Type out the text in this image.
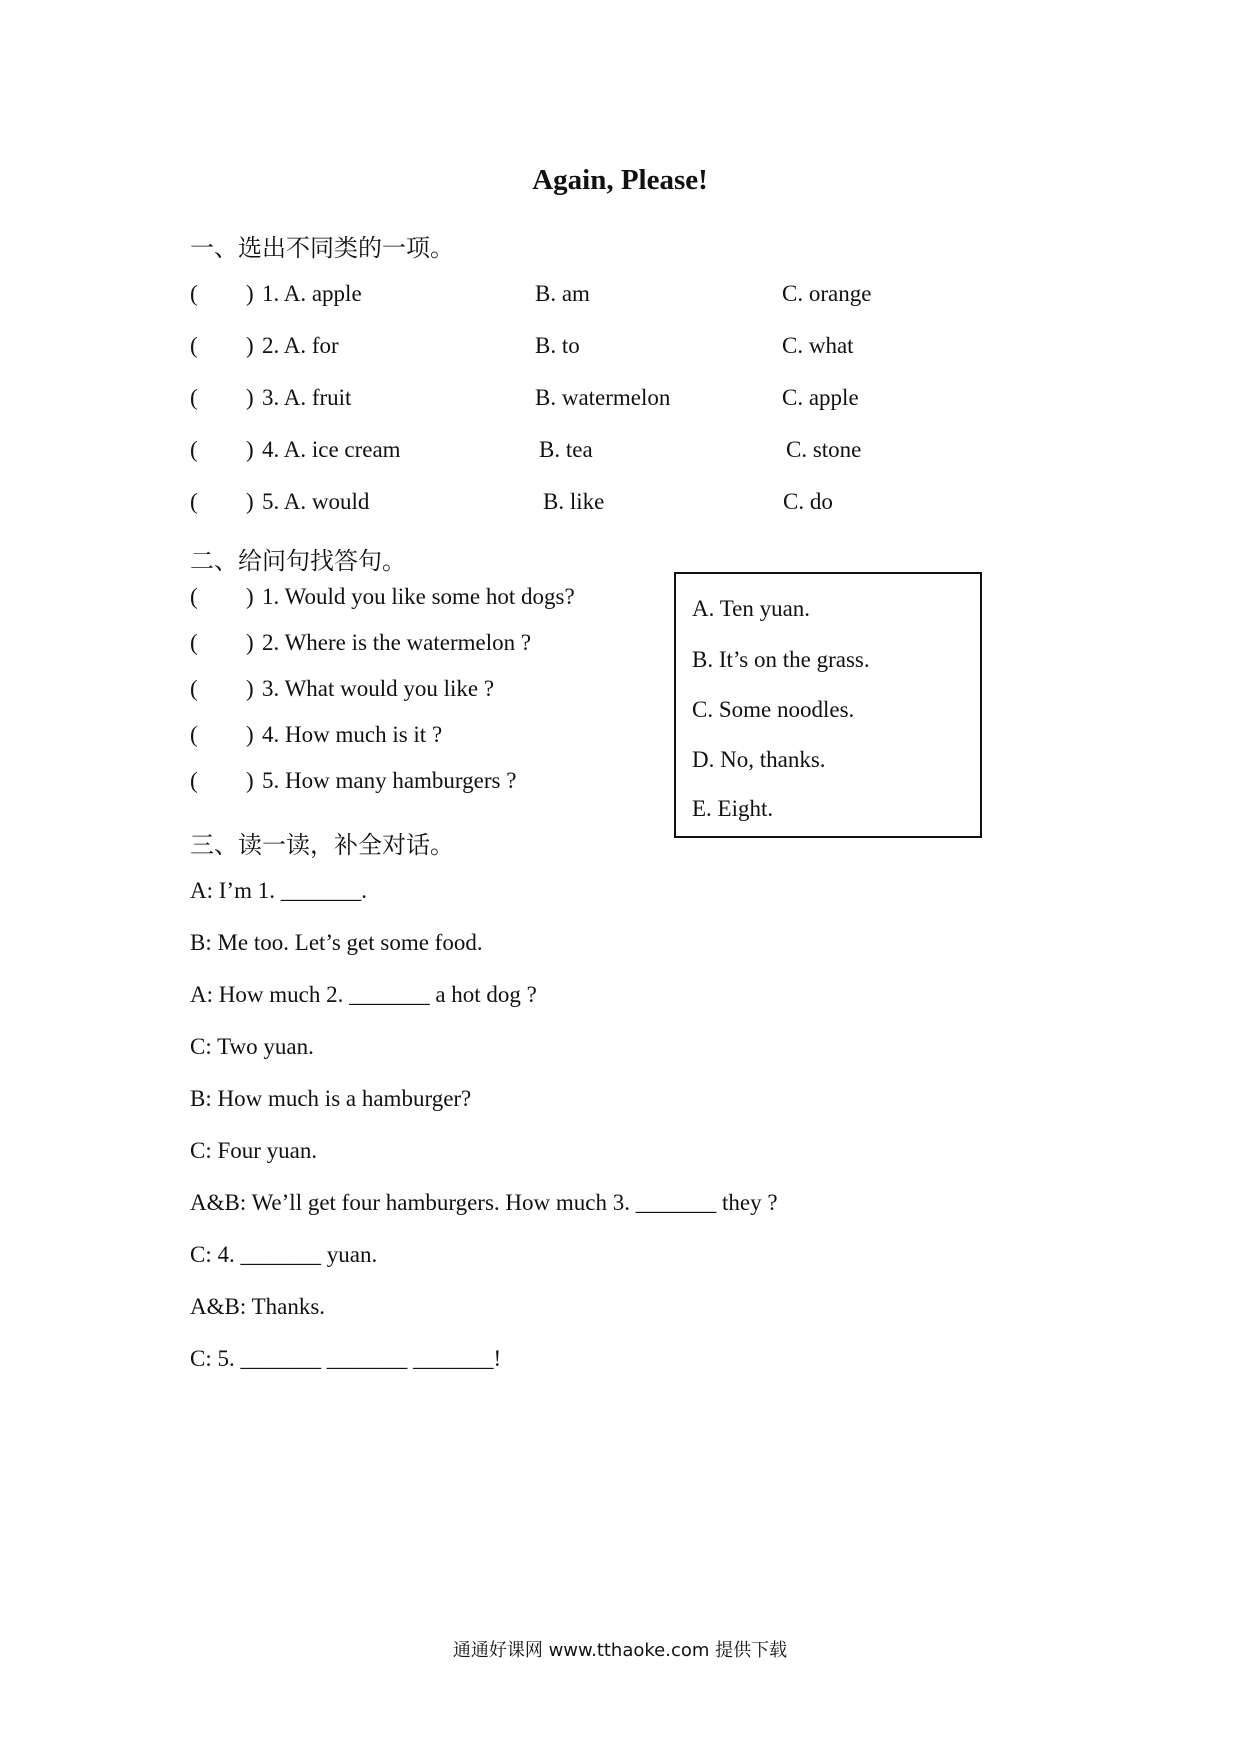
Again, Please!
一、选出不同类的一项。
( ) 1. A. apple	B. am	C. orange
( ) 2. A. for	B. to	C. what
( ) 3. A. fruit	B. watermelon	C. apple
( ) 4. A. ice cream	B. tea	C. stone
( ) 5. A. would	B. like	C. do
二、给问句找答句。
( ) 1. Would you like some hot dogs?
( ) 2. Where is the watermelon ?
( ) 3. What would you like ?
( ) 4. How much is it ?
( ) 5. How many hamburgers ?
A. Ten yuan.
B. It’s on the grass.
C. Some noodles.
D. No, thanks.
E. Eight.
三、读一读，补全对话。
A: I’m 1. _______.
B: Me too. Let’s get some food.
A: How much 2. _______ a hot dog ?
C: Two yuan.
B: How much is a hamburger?
C: Four yuan.
A&B: We’ll get four hamburgers. How much 3. _______ they ?
C: 4. _______ yuan.
A&B: Thanks.
C: 5. _______ _______ _______!
通通好课网 www.tthaoke.com 提供下载
